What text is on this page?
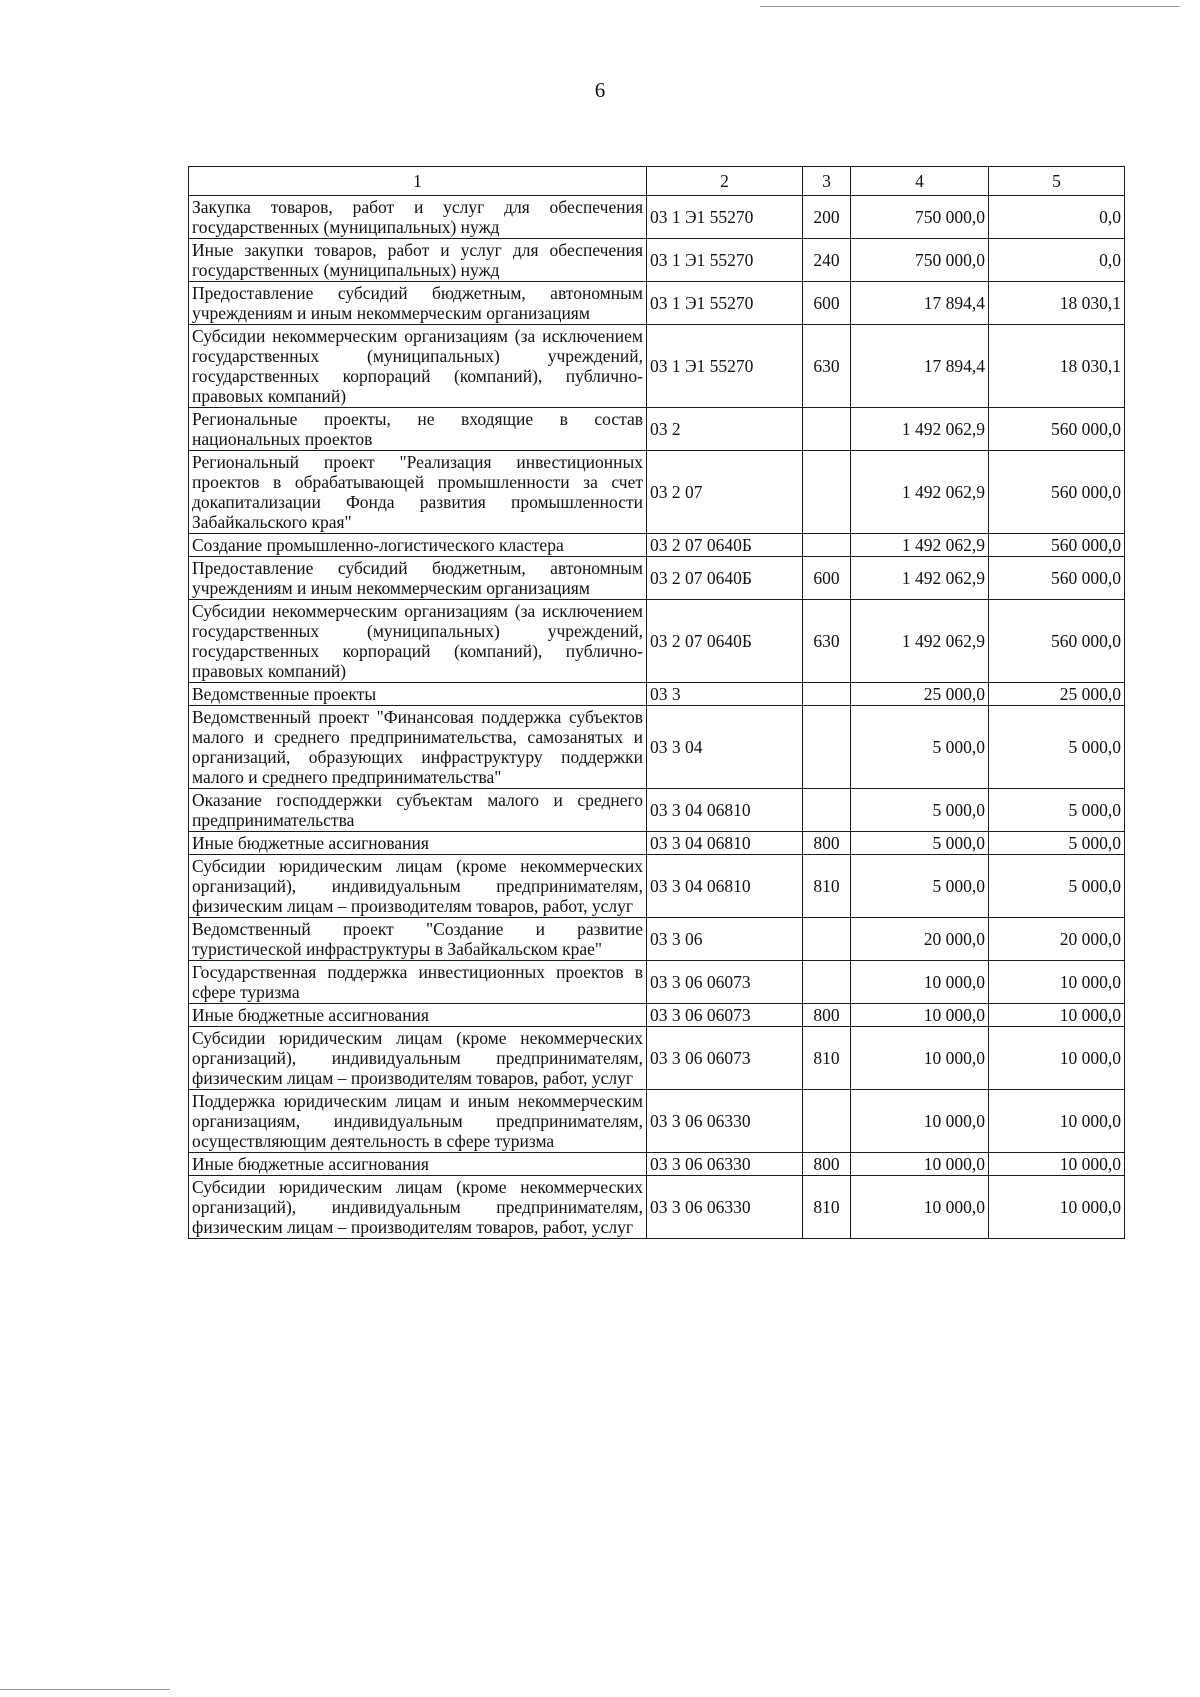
6
1	2	3	4	5
Закупка товаров, работ и услуг для обеспечения государственных (муниципальных) нужд	03 1 Э1 55270	200	750 000,0	0,0
Иные закупки товаров, работ и услуг для обеспечения государственных (муниципальных) нужд	03 1 Э1 55270	240	750 000,0	0,0
Предоставление субсидий бюджетным, автономным учреждениям и иным некоммерческим организациям	03 1 Э1 55270	600	17 894,4	18 030,1
Субсидии некоммерческим организациям (за исключением государственных (муниципальных) учреждений, государственных корпораций (компаний), публично-правовых компаний)	03 1 Э1 55270	630	17 894,4	18 030,1
Региональные проекты, не входящие в состав национальных проектов	03 2		1 492 062,9	560 000,0
Региональный проект "Реализация инвестиционных проектов в обрабатывающей промышленности за счет докапитализации Фонда развития промышленности Забайкальского края"	03 2 07		1 492 062,9	560 000,0
Создание промышленно-логистического кластера	03 2 07 0640Б		1 492 062,9	560 000,0
Предоставление субсидий бюджетным, автономным учреждениям и иным некоммерческим организациям	03 2 07 0640Б	600	1 492 062,9	560 000,0
Субсидии некоммерческим организациям (за исключением государственных (муниципальных) учреждений, государственных корпораций (компаний), публично-правовых компаний)	03 2 07 0640Б	630	1 492 062,9	560 000,0
Ведомственные проекты	03 3		25 000,0	25 000,0
Ведомственный проект "Финансовая поддержка субъектов малого и среднего предпринимательства, самозанятых и организаций, образующих инфраструктуру поддержки малого и среднего предпринимательства"	03 3 04		5 000,0	5 000,0
Оказание господдержки субъектам малого и среднего предпринимательства	03 3 04 06810		5 000,0	5 000,0
Иные бюджетные ассигнования	03 3 04 06810	800	5 000,0	5 000,0
Субсидии юридическим лицам (кроме некоммерческих организаций), индивидуальным предпринимателям, физическим лицам – производителям товаров, работ, услуг	03 3 04 06810	810	5 000,0	5 000,0
Ведомственный проект "Создание и развитие туристической инфраструктуры в Забайкальском крае"	03 3 06		20 000,0	20 000,0
Государственная поддержка инвестиционных проектов в сфере туризма	03 3 06 06073		10 000,0	10 000,0
Иные бюджетные ассигнования	03 3 06 06073	800	10 000,0	10 000,0
Субсидии юридическим лицам (кроме некоммерческих организаций), индивидуальным предпринимателям, физическим лицам – производителям товаров, работ, услуг	03 3 06 06073	810	10 000,0	10 000,0
Поддержка юридическим лицам и иным некоммерческим организациям, индивидуальным предпринимателям, осуществляющим деятельность в сфере туризма	03 3 06 06330		10 000,0	10 000,0
Иные бюджетные ассигнования	03 3 06 06330	800	10 000,0	10 000,0
Субсидии юридическим лицам (кроме некоммерческих организаций), индивидуальным предпринимателям, физическим лицам – производителям товаров, работ, услуг	03 3 06 06330	810	10 000,0	10 000,0
